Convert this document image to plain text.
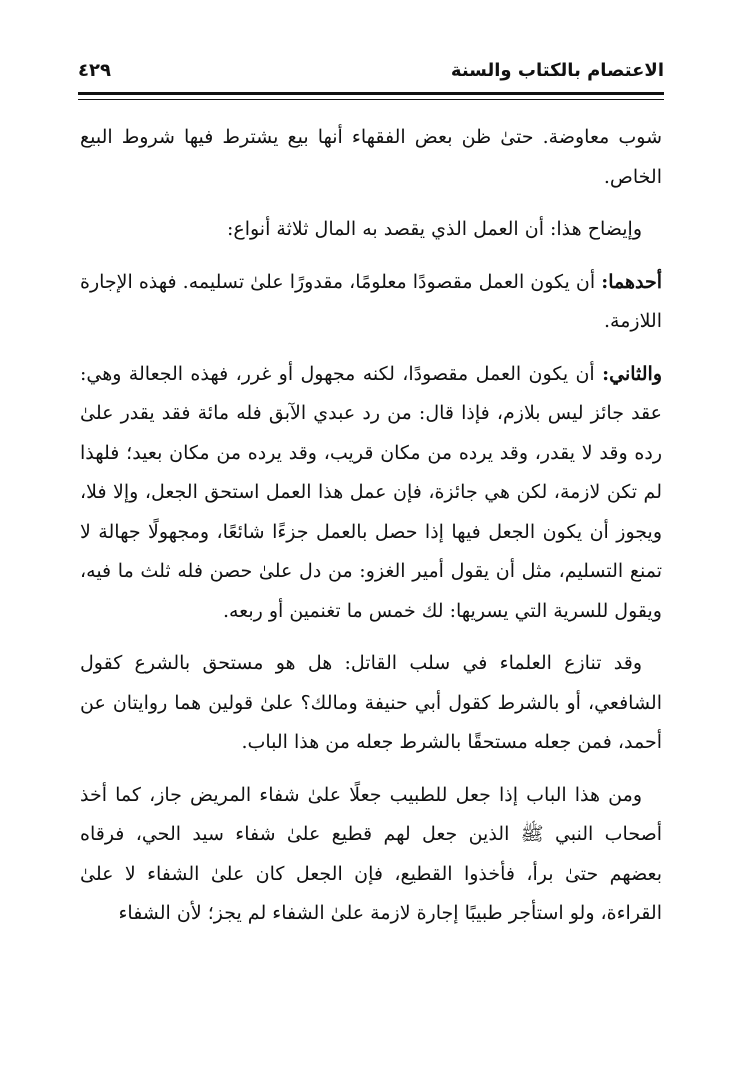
الاعتصام بالكتاب والسنة
٤٢٩

شوب معاوضة. حتىٰ ظن بعض الفقهاء أنها بيع يشترط فيها شروط البيع الخاص.

وإيضاح هذا: أن العمل الذي يقصد به المال ثلاثة أنواع:

أحدهما: أن يكون العمل مقصودًا معلومًا، مقدورًا علىٰ تسليمه. فهذه الإجارة اللازمة.

والثاني: أن يكون العمل مقصودًا، لكنه مجهول أو غرر، فهذه الجعالة وهي: عقد جائز ليس بلازم، فإذا قال: من رد عبدي الآبق فله مائة فقد يقدر علىٰ رده وقد لا يقدر، وقد يرده من مكان قريب، وقد يرده من مكان بعيد؛ فلهذا لم تكن لازمة، لكن هي جائزة، فإن عمل هذا العمل استحق الجعل، وإلا فلا، ويجوز أن يكون الجعل فيها إذا حصل بالعمل جزءًا شائعًا، ومجهولًا جهالة لا تمنع التسليم، مثل أن يقول أمير الغزو: من دل علىٰ حصن فله ثلث ما فيه، ويقول للسرية التي يسريها: لك خمس ما تغنمين أو ربعه.

وقد تنازع العلماء في سلب القاتل: هل هو مستحق بالشرع كقول الشافعي، أو بالشرط كقول أبي حنيفة ومالك؟ علىٰ قولين هما روايتان عن أحمد، فمن جعله مستحقًا بالشرط جعله من هذا الباب.

ومن هذا الباب إذا جعل للطبيب جعلًا علىٰ شفاء المريض جاز، كما أخذ أصحاب النبي ﷺ الذين جعل لهم قطيع علىٰ شفاء سيد الحي، فرقاه بعضهم حتىٰ برأ، فأخذوا القطيع، فإن الجعل كان علىٰ الشفاء لا علىٰ القراءة، ولو استأجر طبيبًا إجارة لازمة علىٰ الشفاء لم يجز؛ لأن الشفاء
